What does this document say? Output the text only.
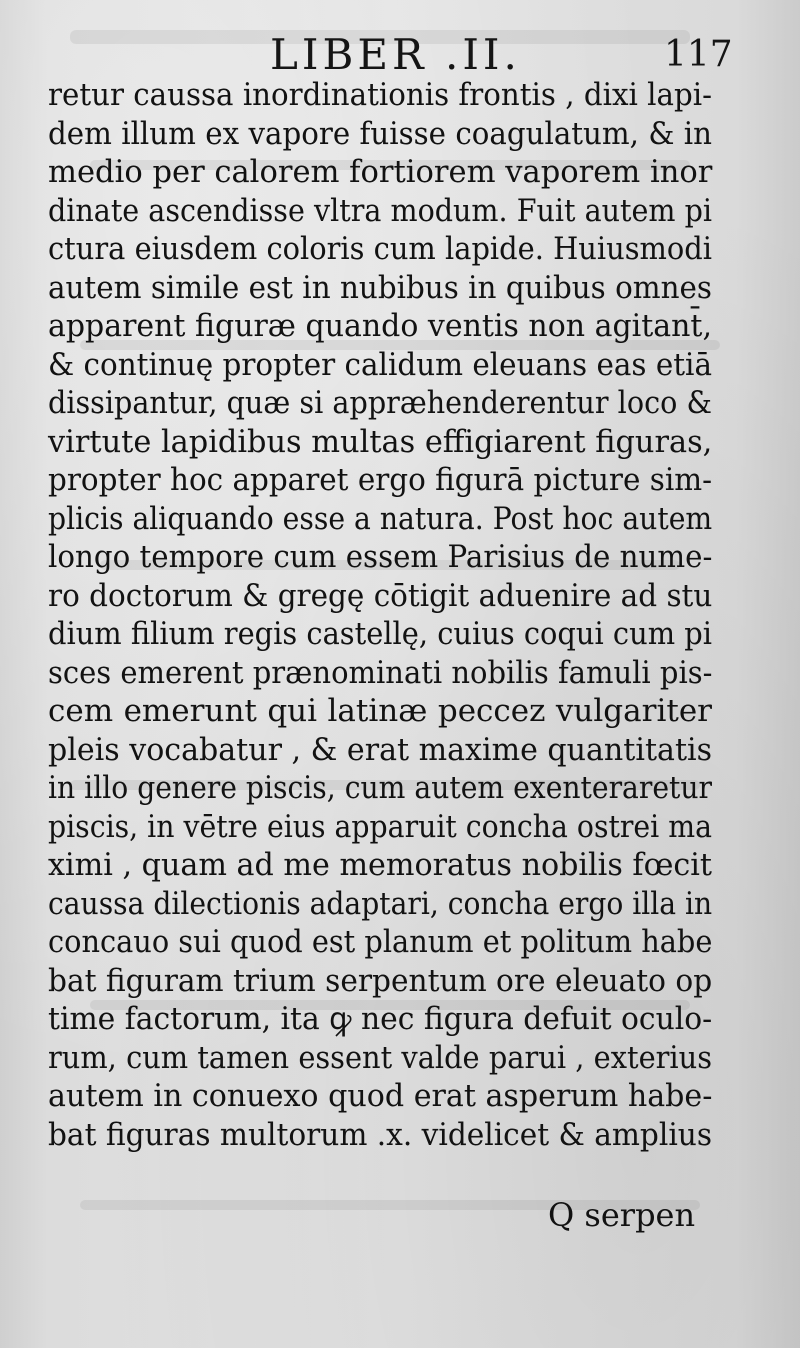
LIBER .II.	117
retur caussa inordinationis frontis , dixi lapi-
dem illum ex vapore fuisse coagulatum, & in
medio per calorem fortiorem vaporem inor
dinate ascendisse vltra modum. Fuit autem pi
ctura eiusdem coloris cum lapide. Huiusmodi
autem simile est in nubibus in quibus omnes
apparent figuræ quando ventis non agitant̄,
& continuę propter calidum eleuans eas etiā
dissipantur, quæ si appræhenderentur loco &
virtute lapidibus multas effigiarent figuras,
propter hoc apparet ergo figurā picture sim-
plicis aliquando esse a natura. Post hoc autem
longo tempore cum essem Parisius de nume-
ro doctorum & gregę cōtigit aduenire ad stu
dium filium regis castellę, cuius coqui cum pi
sces emerent prænominati nobilis famuli pis-
cem emerunt qui latinæ peccez vulgariter
pleis vocabatur , & erat maxime quantitatis
in illo genere piscis, cum autem exenteraretur
piscis, in vētre eius apparuit concha ostrei ma
ximi , quam ad me memoratus nobilis fœcit
caussa dilectionis adaptari, concha ergo illa in
concauo sui quod est planum et politum habe
bat figuram trium serpentum ore eleuato op
time factorum, ita ꝙ nec figura defuit oculo-
rum, cum tamen essent valde parui , exterius
autem in conuexo quod erat asperum habe-
bat figuras multorum .x. videlicet & amplius
Q serpen
